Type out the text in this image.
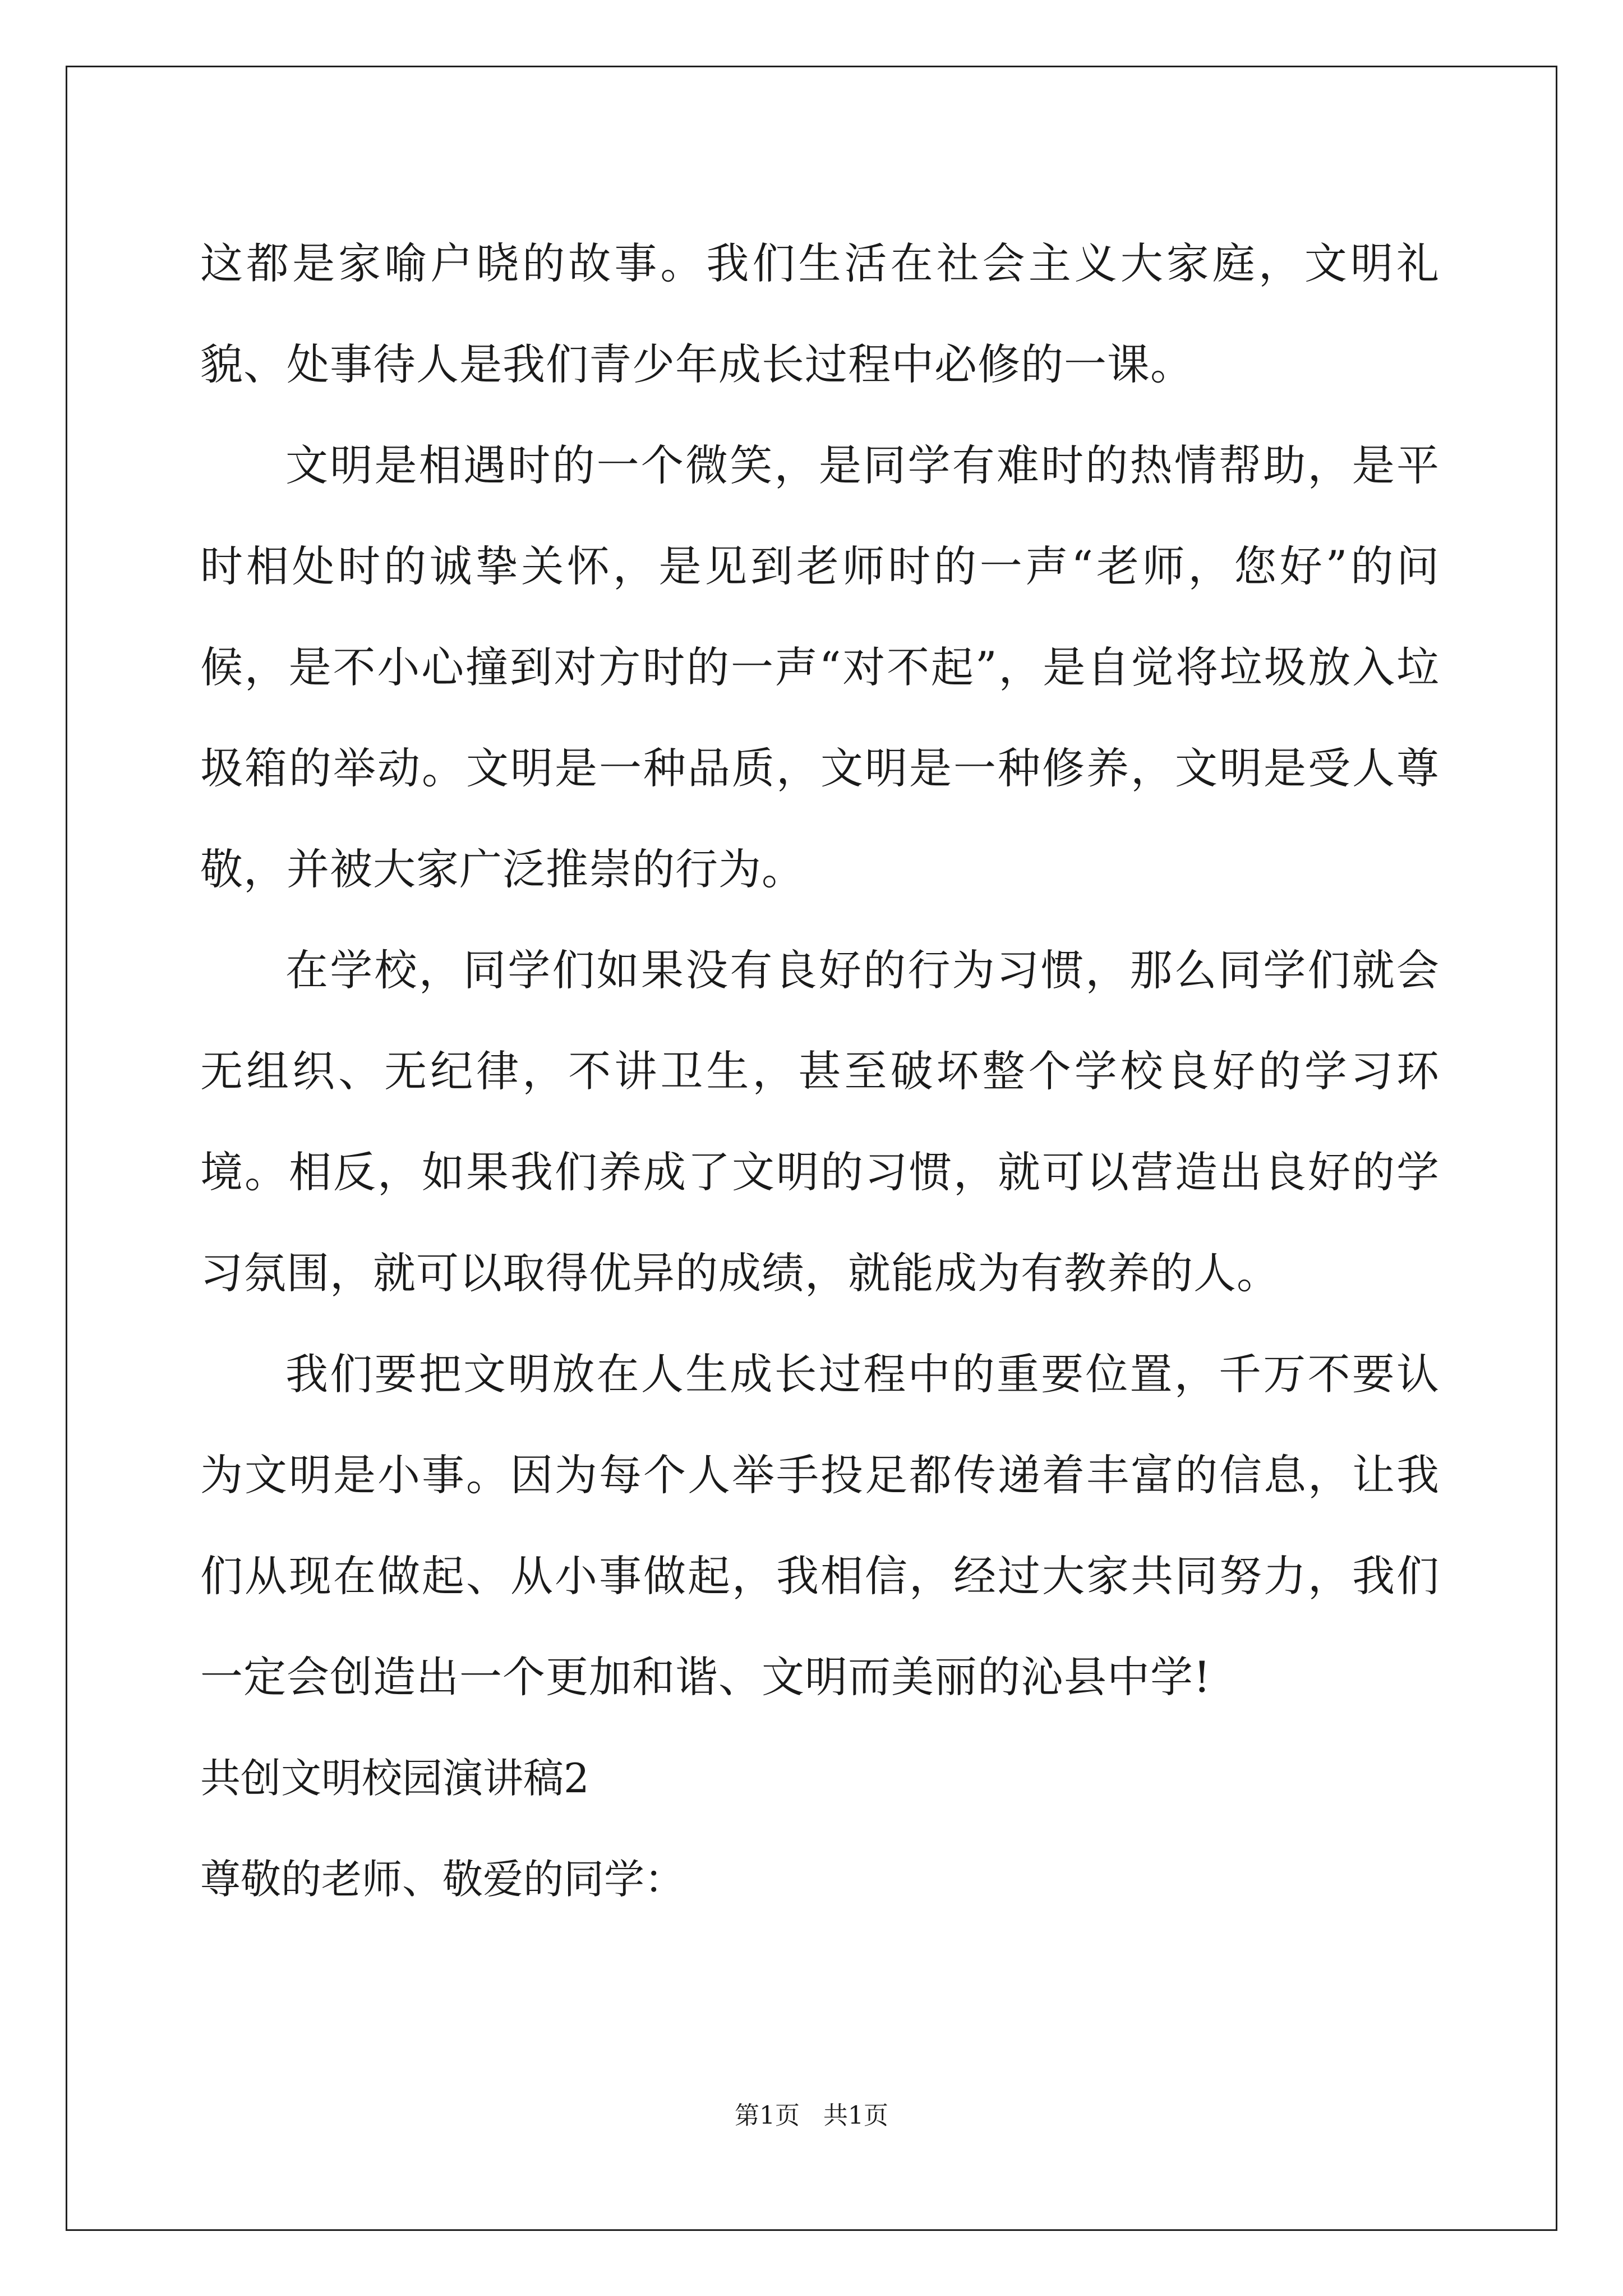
这都是家喻户晓的故事。我们生活在社会主义大家庭，文明礼貌、处事待人是我们青少年成长过程中必修的一课。

文明是相遇时的一个微笑，是同学有难时的热情帮助，是平时相处时的诚挚关怀，是见到老师时的一声“老师，您好”的问候，是不小心撞到对方时的一声“对不起”，是自觉将垃圾放入垃圾箱的举动。文明是一种品质，文明是一种修养，文明是受人尊敬，并被大家广泛推崇的行为。

在学校，同学们如果没有良好的行为习惯，那么同学们就会无组织、无纪律，不讲卫生，甚至破坏整个学校良好的学习环境。相反，如果我们养成了文明的习惯，就可以营造出良好的学习氛围，就可以取得优异的成绩，就能成为有教养的人。

我们要把文明放在人生成长过程中的重要位置，千万不要认为文明是小事。因为每个人举手投足都传递着丰富的信息，让我们从现在做起、从小事做起，我相信，经过大家共同努力，我们一定会创造出一个更加和谐、文明而美丽的沁县中学!

共创文明校园演讲稿2

尊敬的老师、敬爱的同学：

第1页 共1页
